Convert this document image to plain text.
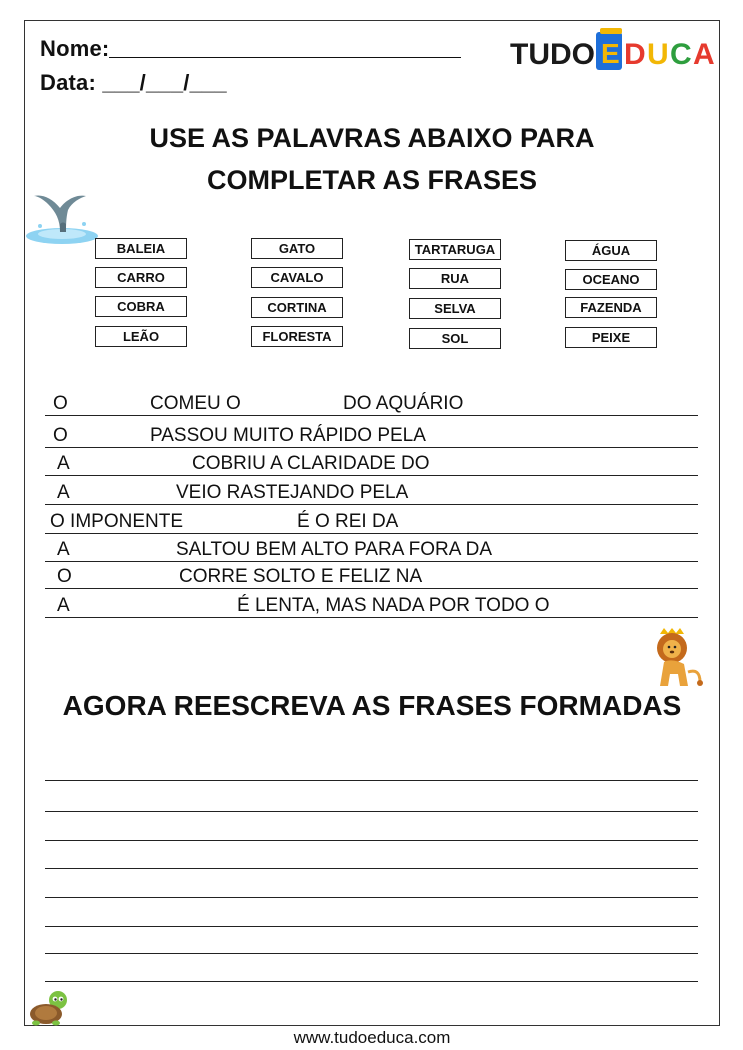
Nome:
Data: ___/___/___
TUDO E D U C A
USE AS PALAVRAS ABAIXO PARA
COMPLETAR AS FRASES
BALEIA
CARRO
COBRA
LEÃO
GATO
CAVALO
CORTINA
FLORESTA
TARTARUGA
RUA
SELVA
SOL
ÁGUA
OCEANO
FAZENDA
PEIXE
O	COMEU O	DO AQUÁRIO
O	PASSOU MUITO RÁPIDO PELA
A	COBRIU A CLARIDADE DO
A	VEIO RASTEJANDO PELA
O IMPONENTE	É O REI DA
A	SALTOU BEM ALTO PARA FORA DA
O	CORRE SOLTO E FELIZ NA
A	É LENTA, MAS NADA POR TODO O
AGORA REESCREVA AS FRASES FORMADAS
www.tudoeduca.com
